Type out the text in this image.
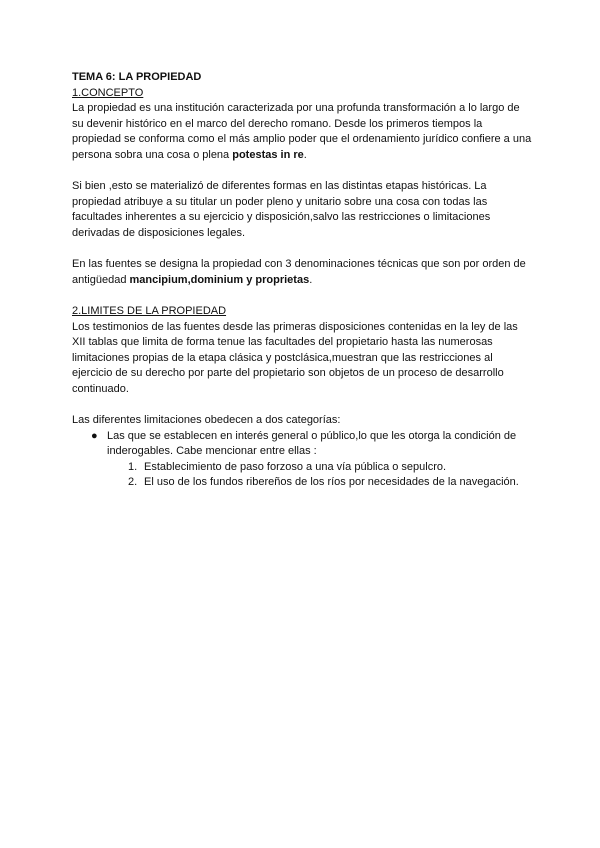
TEMA 6: LA PROPIEDAD

1.CONCEPTO

La propiedad es una institución caracterizada por una profunda transformación a lo largo de su devenir histórico en el marco del derecho romano. Desde los primeros tiempos la propiedad se conforma como el más amplio poder que el ordenamiento jurídico confiere a una persona sobra una cosa o plena potestas in re.

Si bien ,esto se materializó de diferentes formas en las distintas etapas históricas. La propiedad atribuye a su titular un poder pleno y unitario sobre una cosa con todas las facultades inherentes a su ejercicio y disposición,salvo las restricciones o limitaciones derivadas de disposiciones legales.

En las fuentes se designa la propiedad con 3 denominaciones técnicas que son por orden de antigüedad mancipium,dominium y proprietas.

2.LIMITES DE LA PROPIEDAD

Los testimonios de las fuentes desde las primeras disposiciones contenidas en la ley de las XII tablas que limita de forma tenue las facultades del propietario hasta las numerosas limitaciones propias de la etapa clásica y postclásica,muestran que las restricciones al ejercicio de su derecho por parte del propietario son objetos de un proceso de desarrollo continuado.

Las diferentes limitaciones obedecen a dos categorías:

● Las que se establecen en interés general o público,lo que les otorga la condición de inderogables. Cabe mencionar entre ellas :
1. Establecimiento de paso forzoso a una vía pública o sepulcro.
2. El uso de los fundos ribereños de los ríos por necesidades de la navegación.
